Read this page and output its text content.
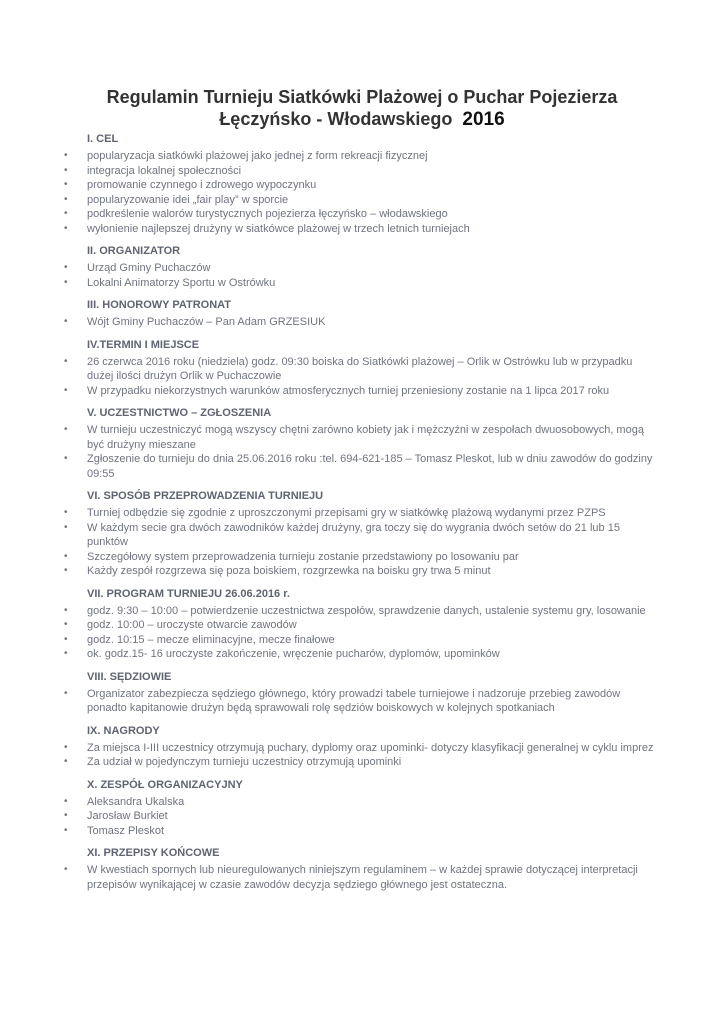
Regulamin Turnieju Siatkówki Plażowej o Puchar Pojezierza
Łęczyńsko - Włodawskiego 2016
I. CEL
• popularyzacja siatkówki plażowej jako jednej z form rekreacji fizycznej
• integracja lokalnej społeczności
• promowanie czynnego i zdrowego wypoczynku
• popularyzowanie idei „fair play” w sporcie
• podkreślenie walorów turystycznych pojezierza łęczyńsko – włodawskiego
• wyłonienie najlepszej drużyny w siatkówce plażowej w trzech letnich turniejach
II. ORGANIZATOR
• Urząd Gminy Puchaczów
• Lokalni Animatorzy Sportu w Ostrówku
III. HONOROWY PATRONAT
• Wójt Gminy Puchaczów – Pan Adam GRZESIUK
IV.TERMIN I MIEJSCE
• 26 czerwca 2016 roku (niedziela) godz. 09:30 boiska do Siatkówki plażowej – Orlik w Ostrówku lub w przypadku dużej ilości drużyn Orlik w Puchaczowie
• W przypadku niekorzystnych warunków atmosferycznych turniej przeniesiony zostanie na 1 lipca 2017 roku
V. UCZESTNICTWO – ZGŁOSZENIA
• W turnieju uczestniczyć mogą wszyscy chętni zarówno kobiety jak i mężczyźni w zespołach dwuosobowych, mogą być drużyny mieszane
• Zgłoszenie do turnieju do dnia 25.06.2016 roku :tel. 694-621-185 – Tomasz Pleskot, lub w dniu zawodów do godziny 09:55
VI. SPOSÓB PRZEPROWADZENIA TURNIEJU
• Turniej odbędzie się zgodnie z uproszczonymi przepisami gry w siatkówkę plażową wydanymi przez PZPS
• W każdym secie gra dwóch zawodników każdej drużyny, gra toczy się do wygrania dwóch setów do 21 lub 15 punktów
• Szczegółowy system przeprowadzenia turnieju zostanie przedstawiony po losowaniu par
• Każdy zespół rozgrzewa się poza boiskiem, rozgrzewka na boisku gry trwa 5 minut
VII. PROGRAM TURNIEJU 26.06.2016 r.
• godz. 9:30 – 10:00 – potwierdzenie uczestnictwa zespołów, sprawdzenie danych, ustalenie systemu gry, losowanie
• godz. 10:00 – uroczyste otwarcie zawodów
• godz. 10:15 – mecze eliminacyjne, mecze finałowe
• ok. godz.15- 16 uroczyste zakończenie, wręczenie pucharów, dyplomów, upominków
VIII. SĘDZIOWIE
• Organizator zabezpiecza sędziego głównego, który prowadzi tabele turniejowe i nadzoruje przebieg zawodów ponadto kapitanowie drużyn będą sprawowali rolę sędziów boiskowych w kolejnych spotkaniach
IX. NAGRODY
• Za miejsca I-III uczestnicy otrzymują puchary, dyplomy oraz upominki- dotyczy klasyfikacji generalnej w cyklu imprez
• Za udział w pojedynczym turnieju uczestnicy otrzymują upominki
X. ZESPÓŁ ORGANIZACYJNY
• Aleksandra Ukalska
• Jarosław Burkiet
• Tomasz Pleskot
XI. PRZEPISY KOŃCOWE
• W kwestiach spornych lub nieuregulowanych niniejszym regulaminem – w każdej sprawie dotyczącej interpretacji przepisów wynikającej w czasie zawodów decyzja sędziego głównego jest ostateczna.
